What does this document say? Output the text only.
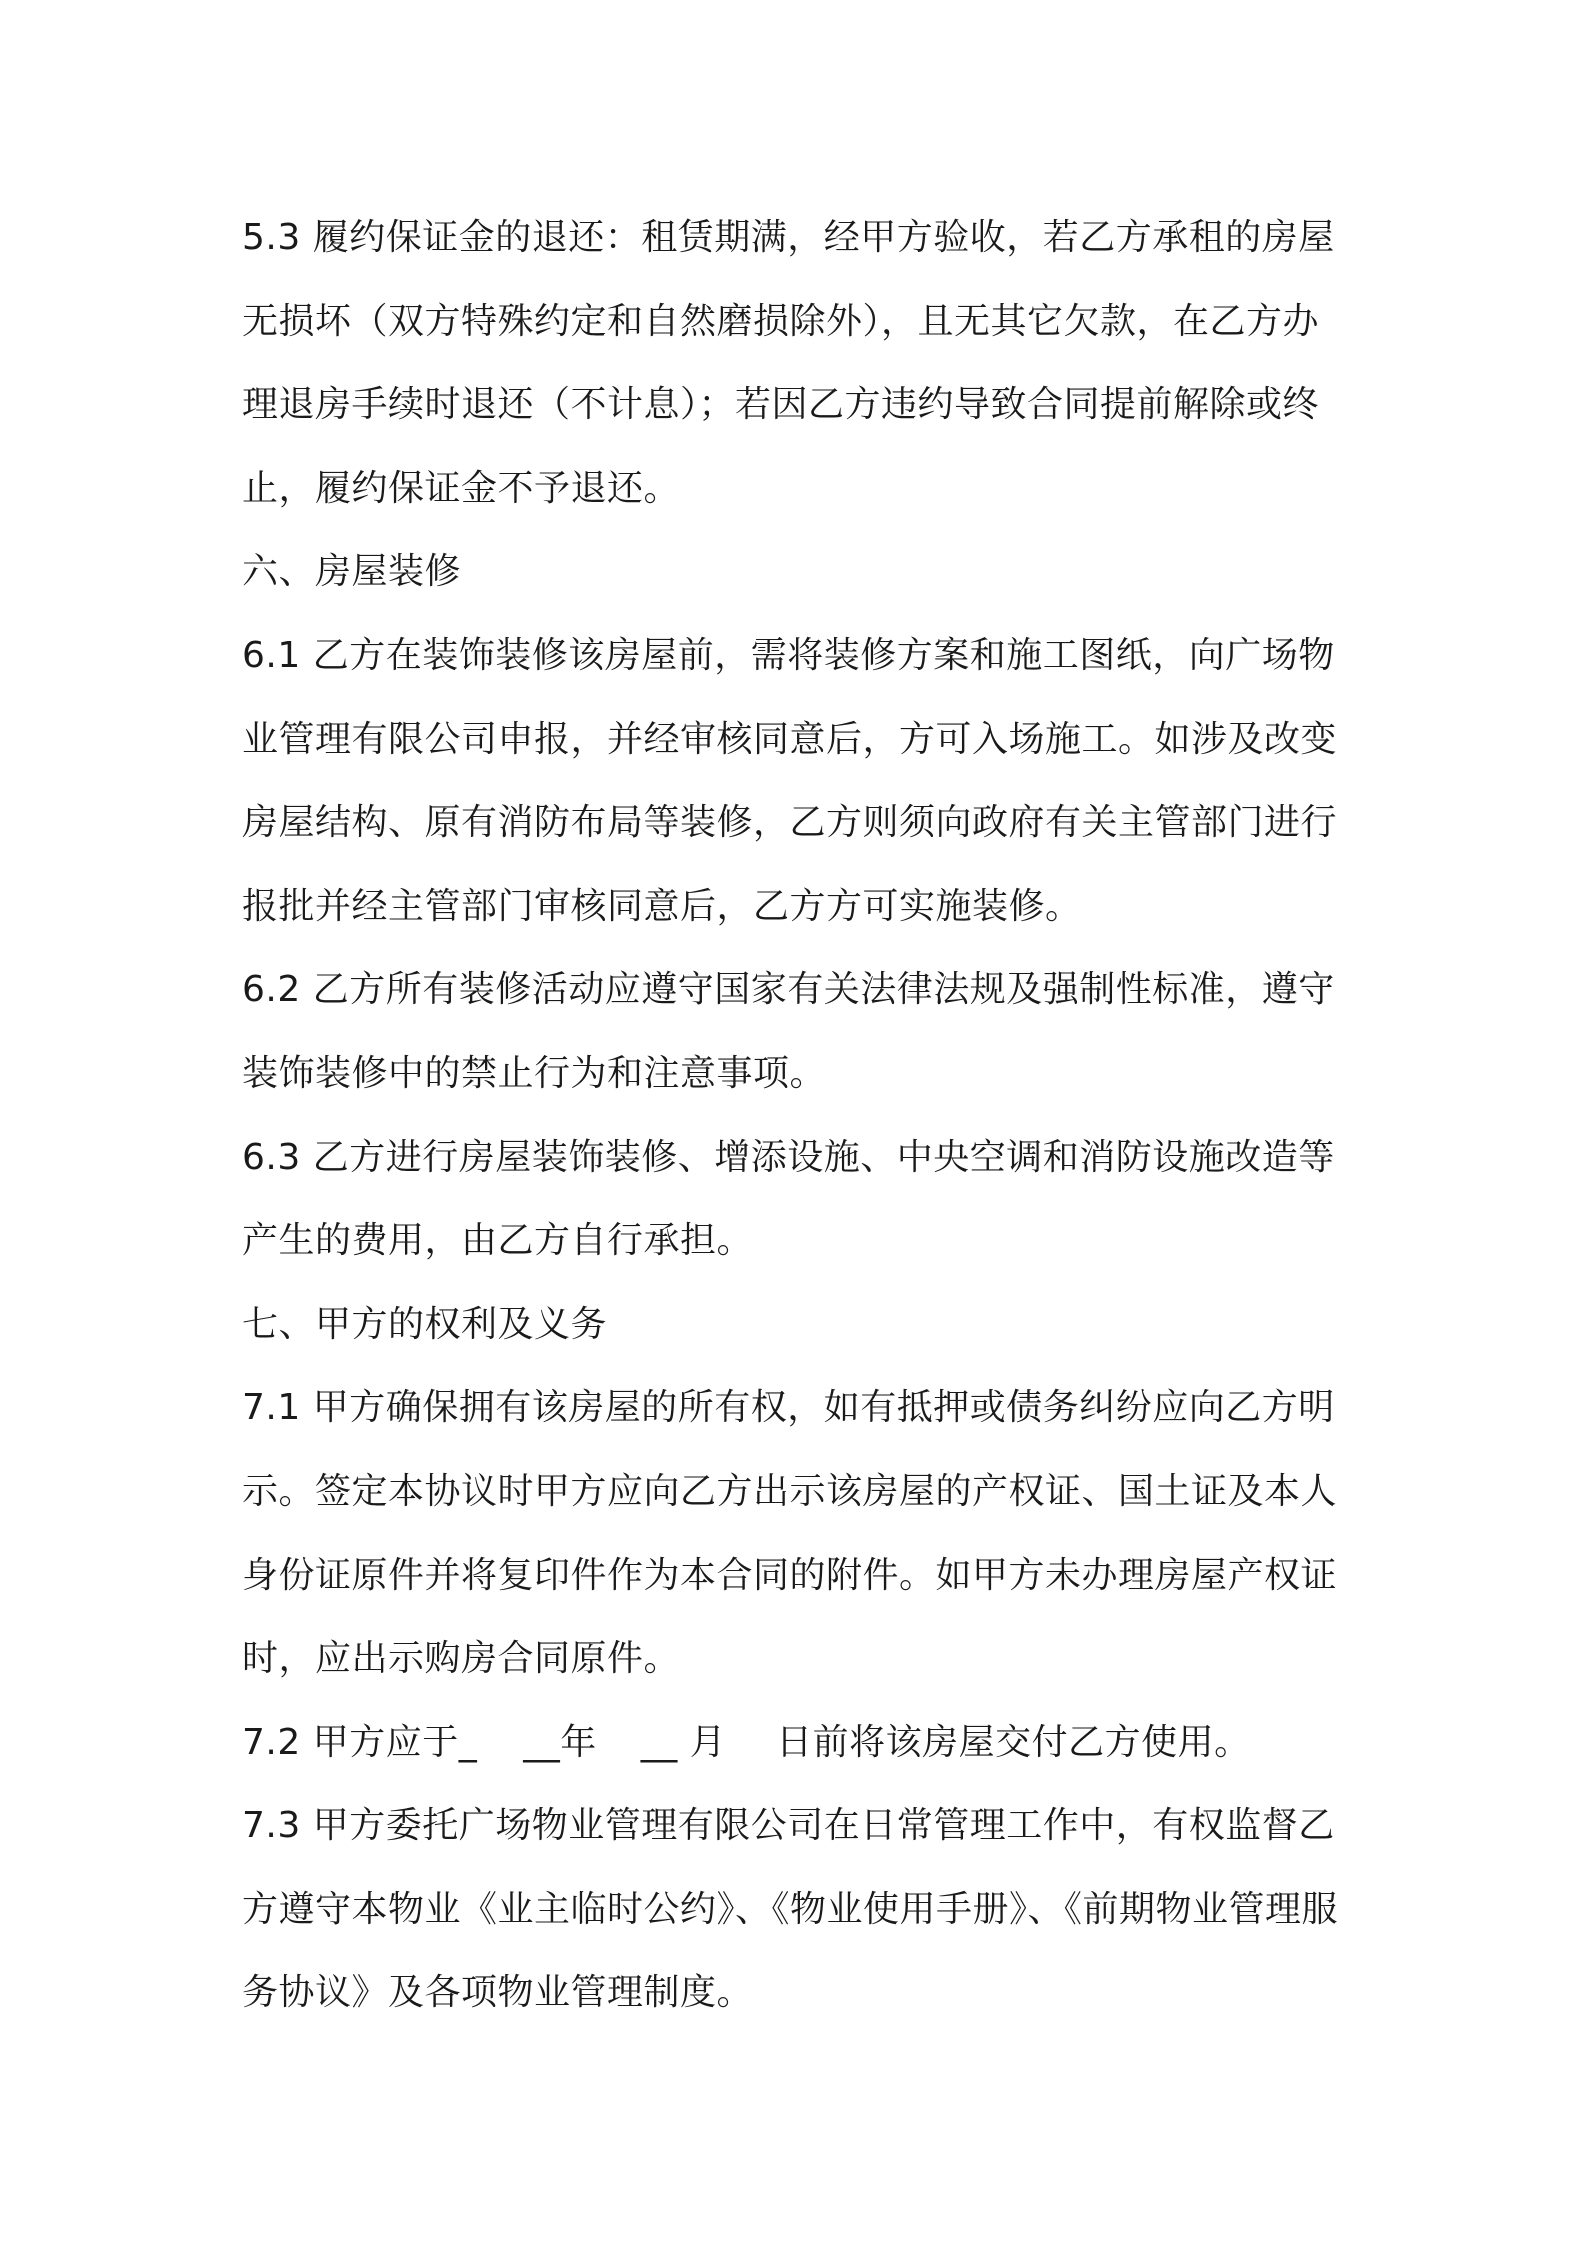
5.3 履约保证金的退还：租赁期满，经甲方验收，若乙方承租的房屋
无损坏（双方特殊约定和自然磨损除外），且无其它欠款，在乙方办
理退房手续时退还（不计息）；若因乙方违约导致合同提前解除或终
止，履约保证金不予退还。
六、房屋装修
6.1 乙方在装饰装修该房屋前，需将装修方案和施工图纸，向广场物
业管理有限公司申报，并经审核同意后，方可入场施工。如涉及改变
房屋结构、原有消防布局等装修，乙方则须向政府有关主管部门进行
报批并经主管部门审核同意后，乙方方可实施装修。
6.2 乙方所有装修活动应遵守国家有关法律法规及强制性标准，遵守
装饰装修中的禁止行为和注意事项。
6.3 乙方进行房屋装饰装修、增添设施、中央空调和消防设施改造等
产生的费用，由乙方自行承担。
七、甲方的权利及义务
7.1 甲方确保拥有该房屋的所有权，如有抵押或债务纠纷应向乙方明
示。签定本协议时甲方应向乙方出示该房屋的产权证、国土证及本人
身份证原件并将复印件作为本合同的附件。如甲方未办理房屋产权证
时，应出示购房合同原件。
7.2 甲方应于_ __年 __ 月 日前将该房屋交付乙方使用。
7.3 甲方委托广场物业管理有限公司在日常管理工作中，有权监督乙
方遵守本物业《业主临时公约》、《物业使用手册》、《前期物业管理服
务协议》及各项物业管理制度。
